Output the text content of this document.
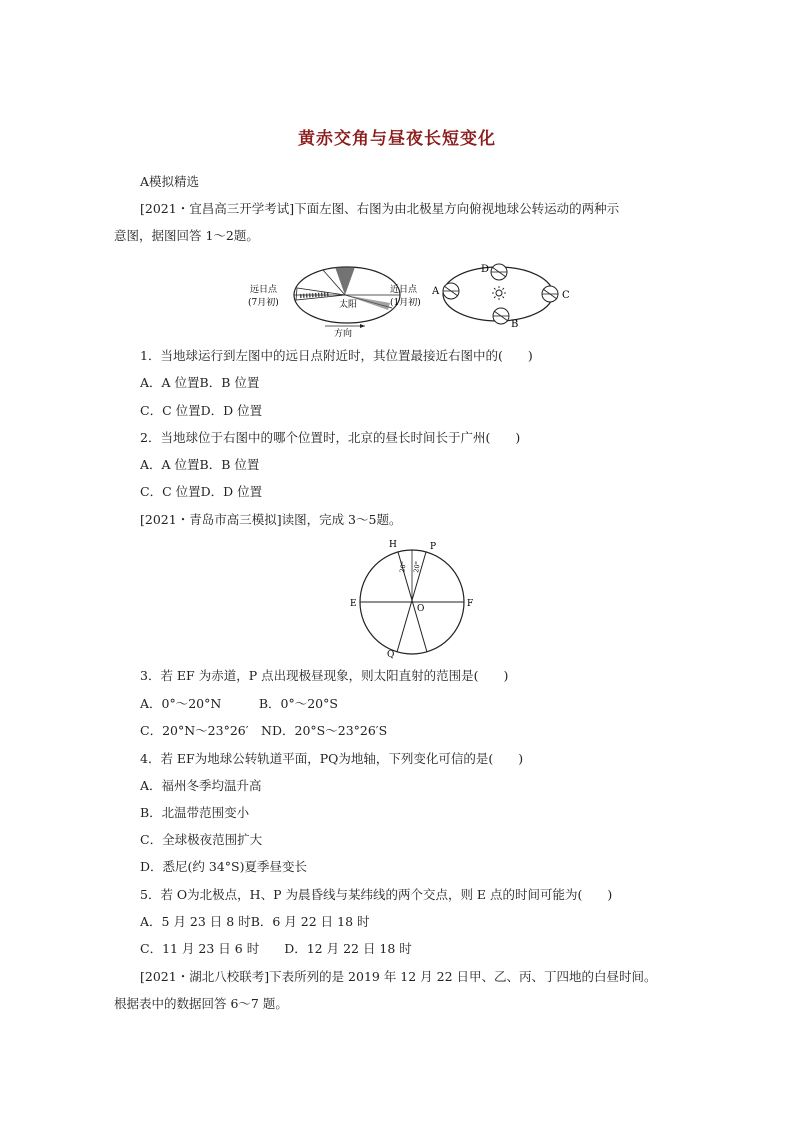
黄赤交角与昼夜长短变化
A模拟精选
[2021・宜昌高三开学考试]下面左图、右图为由北极星方向俯视地球公转运动的两种示
意图，据图回答 1～2题。
远日点
(7月初)	太阳
近日点
(1月初)
方向
A
D
C
B
1．当地球运行到左图中的远日点附近时，其位置最接近右图中的(　　)
A．A 位置B．B 位置
C．C 位置D．D 位置
2．当地球位于右图中的哪个位置时，北京的昼长时间长于广州(　　)
A．A 位置B．B 位置
C．C 位置D．D 位置
[2021・青岛市高三模拟]读图，完成 3～5题。
H	P
E	F
O
Q
20° 20°
3．若 EF 为赤道，P 点出现极昼现象，则太阳直射的范围是(　　)
A．0°～20°N　　　B．0°～20°S
C．20°N～23°26′　ND．20°S～23°26′S
4．若 EF为地球公转轨道平面，PQ为地轴，下列变化可信的是(　　)
A．福州冬季均温升高
B．北温带范围变小
C．全球极夜范围扩大
D．悉尼(约 34°S)夏季昼变长
5．若 O为北极点，H、P 为晨昏线与某纬线的两个交点，则 E 点的时间可能为(　　)
A．5 月 23 日 8 时B．6 月 22 日 18 时
C．11 月 23 日 6 时　　D．12 月 22 日 18 时
[2021・湖北八校联考]下表所列的是 2019 年 12 月 22 日甲、乙、丙、丁四地的白昼时间。
根据表中的数据回答 6～7 题。
